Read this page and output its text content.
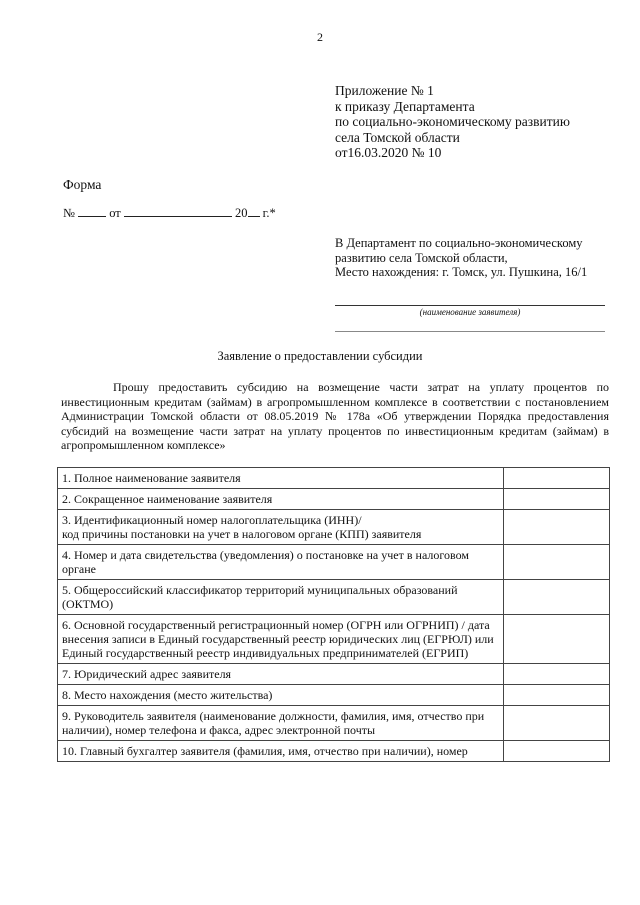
2
Приложение № 1
к приказу Департамента
по социально-экономическому развитию
села Томской области
от16.03.2020 № 10
Форма
№	от	20 г.*
В Департамент по социально-экономическому
развитию села Томской области,
Место нахождения: г. Томск, ул. Пушкина, 16/1
(наименование заявителя)
Заявление о предоставлении субсидии
Прошу предоставить субсидию на возмещение части затрат на уплату процентов по инвестиционным кредитам (займам) в агропромышленном комплексе в соответствии с постановлением Администрации Томской области от 08.05.2019 № 178а «Об утверждении Порядка предоставления субсидий на возмещение части затрат на уплату процентов по инвестиционным кредитам (займам) в агропромышленном комплексе»
1. Полное наименование заявителя	
2. Сокращенное наименование заявителя	
3. Идентификационный номер налогоплательщика (ИНН)/
код причины постановки на учет в налоговом органе (КПП) заявителя	
4. Номер и дата свидетельства (уведомления) о постановке на учет в налоговом органе	
5. Общероссийский классификатор территорий муниципальных образований (ОКТМО)	
6. Основной государственный регистрационный номер (ОГРН или ОГРНИП) / дата внесения записи в Единый государственный реестр юридических лиц (ЕГРЮЛ) или Единый государственный реестр индивидуальных предпринимателей (ЕГРИП)	
7. Юридический адрес заявителя	
8. Место нахождения (место жительства)	
9. Руководитель заявителя (наименование должности, фамилия, имя, отчество при наличии), номер телефона и факса, адрес электронной почты	
10. Главный бухгалтер заявителя (фамилия, имя, отчество при наличии), номер	
